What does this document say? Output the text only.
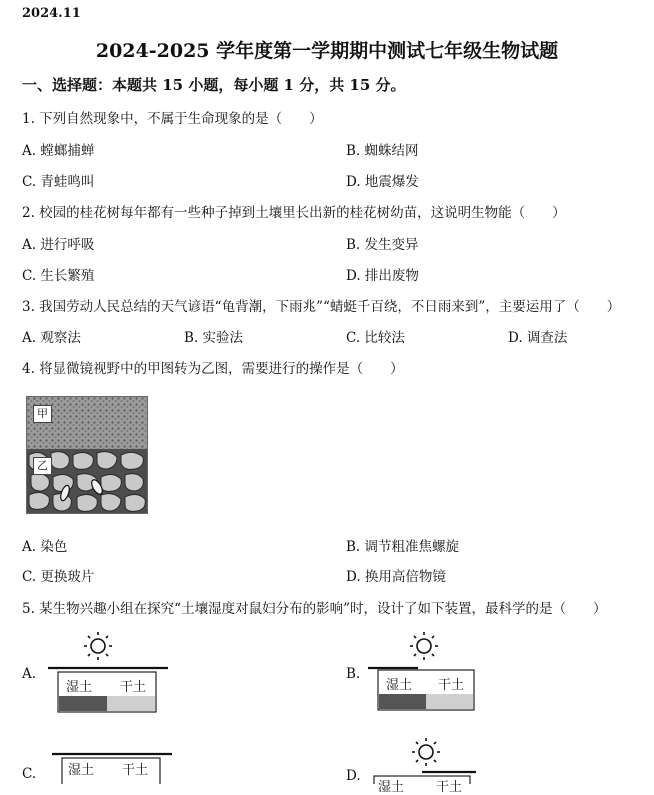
2024.11
2024-2025 学年度第一学期期中测试七年级生物试题
一、选择题：本题共 15 小题，每小题 1 分，共 15 分。
1. 下列自然现象中，不属于生命现象的是（　　）
A. 螳螂捕蝉	B. 蜘蛛结网
C. 青蛙鸣叫	D. 地震爆发
2. 校园的桂花树每年都有一些种子掉到土壤里长出新的桂花树幼苗，这说明生物能（　　）
A. 进行呼吸	B. 发生变异
C. 生长繁殖	D. 排出废物
3. 我国劳动人民总结的天气谚语“龟背潮，下雨兆”“蜻蜓千百绕，不日雨来到”，主要运用了（　　）
A. 观察法	B. 实验法	C. 比较法	D. 调查法
4. 将显微镜视野中的甲图转为乙图，需要进行的操作是（　　）
甲
乙
A. 染色	B. 调节粗准焦螺旋
C. 更换玻片	D. 换用高倍物镜
5. 某生物兴趣小组在探究“土壤湿度对鼠妇分布的影响”时，设计了如下装置，最科学的是（　　）
A.
湿土 干土
B.
湿土 干土
C. 湿土 干土	D.
湿土 干土
